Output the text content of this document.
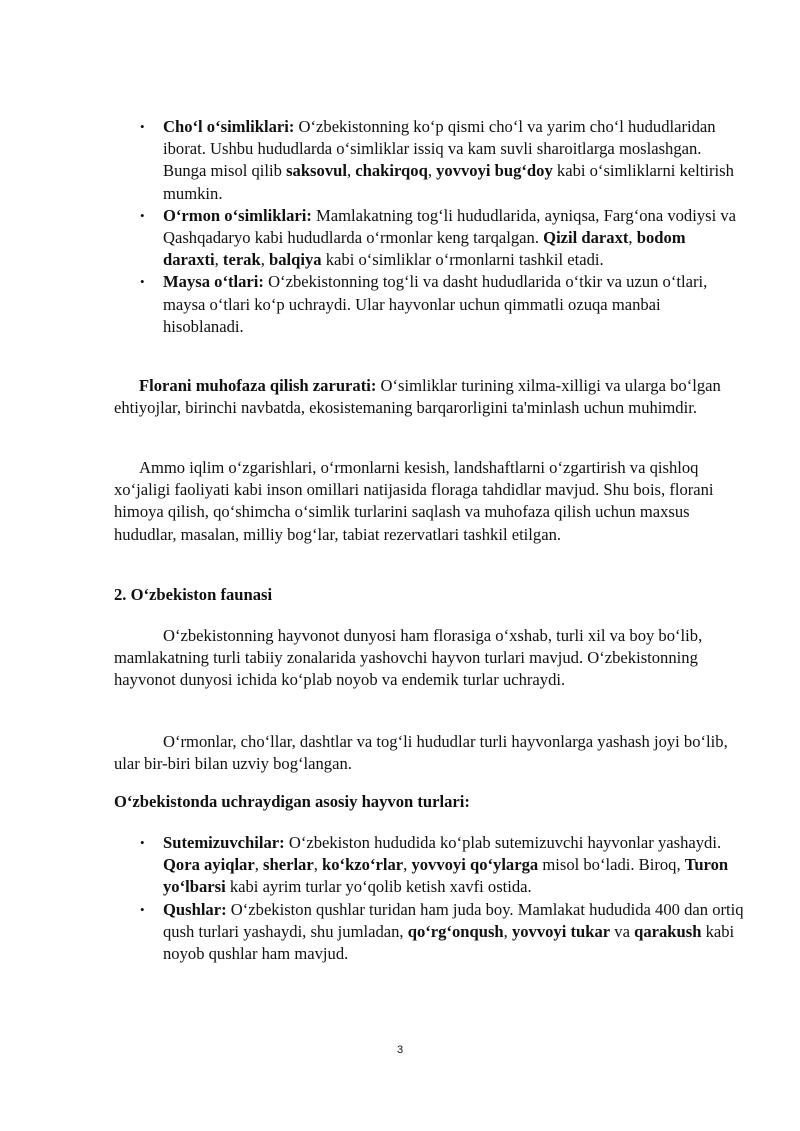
• Cho‘l o‘simliklari: O‘zbekistonning ko‘p qismi cho‘l va yarim cho‘l hududlaridan iborat. Ushbu hududlarda o‘simliklar issiq va kam suvli sharoitlarga moslashgan. Bunga misol qilib saksovul, chakirqoq, yovvoyi bug‘doy kabi o‘simliklarni keltirish mumkin.
• O‘rmon o‘simliklari: Mamlakatning tog‘li hududlarida, ayniqsa, Farg‘ona vodiysi va Qashqadaryo kabi hududlarda o‘rmonlar keng tarqalgan. Qizil daraxt, bodom daraxti, terak, balqiya kabi o‘simliklar o‘rmonlarni tashkil etadi.
• Maysa o‘tlari: O‘zbekistonning tog‘li va dasht hududlarida o‘tkir va uzun o‘tlari, maysa o‘tlari ko‘p uchraydi. Ular hayvonlar uchun qimmatli ozuqa manbai hisoblanadi.

Florani muhofaza qilish zarurati: O‘simliklar turining xilma-xilligi va ularga bo‘lgan ehtiyojlar, birinchi navbatda, ekosistemaning barqarorligini ta'minlash uchun muhimdir.

Ammo iqlim o‘zgarishlari, o‘rmonlarni kesish, landshaftlarni o‘zgartirish va qishloq xo‘jaligi faoliyati kabi inson omillari natijasida floraga tahdidlar mavjud. Shu bois, florani himoya qilish, qo‘shimcha o‘simlik turlarini saqlash va muhofaza qilish uchun maxsus hududlar, masalan, milliy bog‘lar, tabiat rezervatlari tashkil etilgan.

2. O‘zbekiston faunasi

O‘zbekistonning hayvonot dunyosi ham florasiga o‘xshab, turli xil va boy bo‘lib, mamlakatning turli tabiiy zonalarida yashovchi hayvon turlari mavjud. O‘zbekistonning hayvonot dunyosi ichida ko‘plab noyob va endemik turlar uchraydi.

O‘rmonlar, cho‘llar, dashtlar va tog‘li hududlar turli hayvonlarga yashash joyi bo‘lib, ular bir-biri bilan uzviy bog‘langan.

O‘zbekistonda uchraydigan asosiy hayvon turlari:

• Sutemizuvchilar: O‘zbekiston hududida ko‘plab sutemizuvchi hayvonlar yashaydi. Qora ayiqlar, sherlar, ko‘kzo‘rlar, yovvoyi qo‘ylarga misol bo‘ladi. Biroq, Turon yo‘lbarsi kabi ayrim turlar yo‘qolib ketish xavfi ostida.
• Qushlar: O‘zbekiston qushlar turidan ham juda boy. Mamlakat hududida 400 dan ortiq qush turlari yashaydi, shu jumladan, qo‘rg‘onqush, yovvoyi tukar va qarakush kabi noyob qushlar ham mavjud.
3
